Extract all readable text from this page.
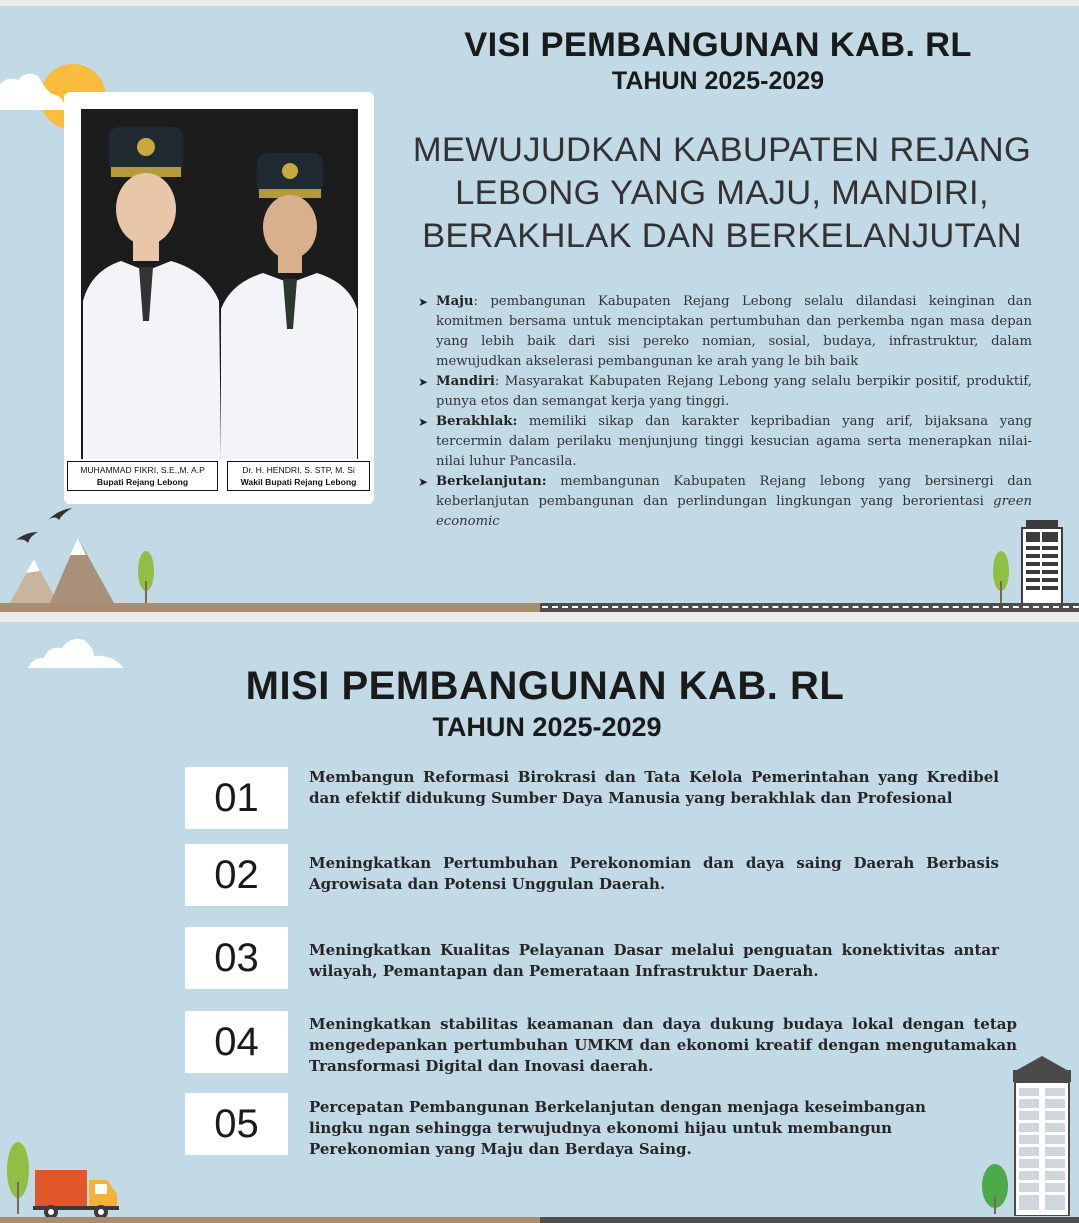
VISI PEMBANGUNAN KAB. RL
TAHUN 2025-2029
MEWUJUDKAN KABUPATEN REJANG
LEBONG YANG MAJU, MANDIRI,
BERAKHLAK DAN BERKELANJUTAN
➤ Maju: pembangunan Kabupaten Rejang Lebong selalu dilandasi keinginan dan komitmen bersama untuk menciptakan pertumbuhan dan perkemba ngan masa depan yang lebih baik dari sisi pereko nomian, sosial, budaya, infrastruktur, dalam mewujudkan akselerasi pembangunan ke arah yang le bih baik
➤ Mandiri: Masyarakat Kabupaten Rejang Lebong yang selalu berpikir positif, produktif, punya etos dan semangat kerja yang tinggi.
➤ Berakhlak: memiliki sikap dan karakter kepribadian yang arif, bijaksana yang tercermin dalam perilaku menjunjung tinggi kesucian agama serta menerapkan nilai-nilai luhur Pancasila.
➤ Berkelanjutan: membangunan Kabupaten Rejang lebong yang bersinergi dan keberlanjutan pembangunan dan perlindungan lingkungan yang berorientasi green economic
MUHAMMAD FIKRI, S.E.,M. A.P
Bupati Rejang Lebong
Dr. H. HENDRI, S. STP, M. Si
Wakil Bupati Rejang Lebong
MISI PEMBANGUNAN KAB. RL
TAHUN 2025-2029
01	Membangun Reformasi Birokrasi dan Tata Kelola Pemerintahan yang Kredibel dan efektif didukung Sumber Daya Manusia yang berakhlak dan Profesional
02	Meningkatkan Pertumbuhan Perekonomian dan daya saing Daerah Berbasis Agrowisata dan Potensi Unggulan Daerah.
03	Meningkatkan Kualitas Pelayanan Dasar melalui penguatan konektivitas antar wilayah, Pemantapan dan Pemerataan Infrastruktur Daerah.
04	Meningkatkan stabilitas keamanan dan daya dukung budaya lokal dengan tetap mengedepankan pertumbuhan UMKM dan ekonomi kreatif dengan mengutamakan Transformasi Digital dan Inovasi daerah.
05	Percepatan Pembangunan Berkelanjutan dengan menjaga keseimbangan lingku ngan sehingga terwujudnya ekonomi hijau untuk membangun Perekonomian yang Maju dan Berdaya Saing.
